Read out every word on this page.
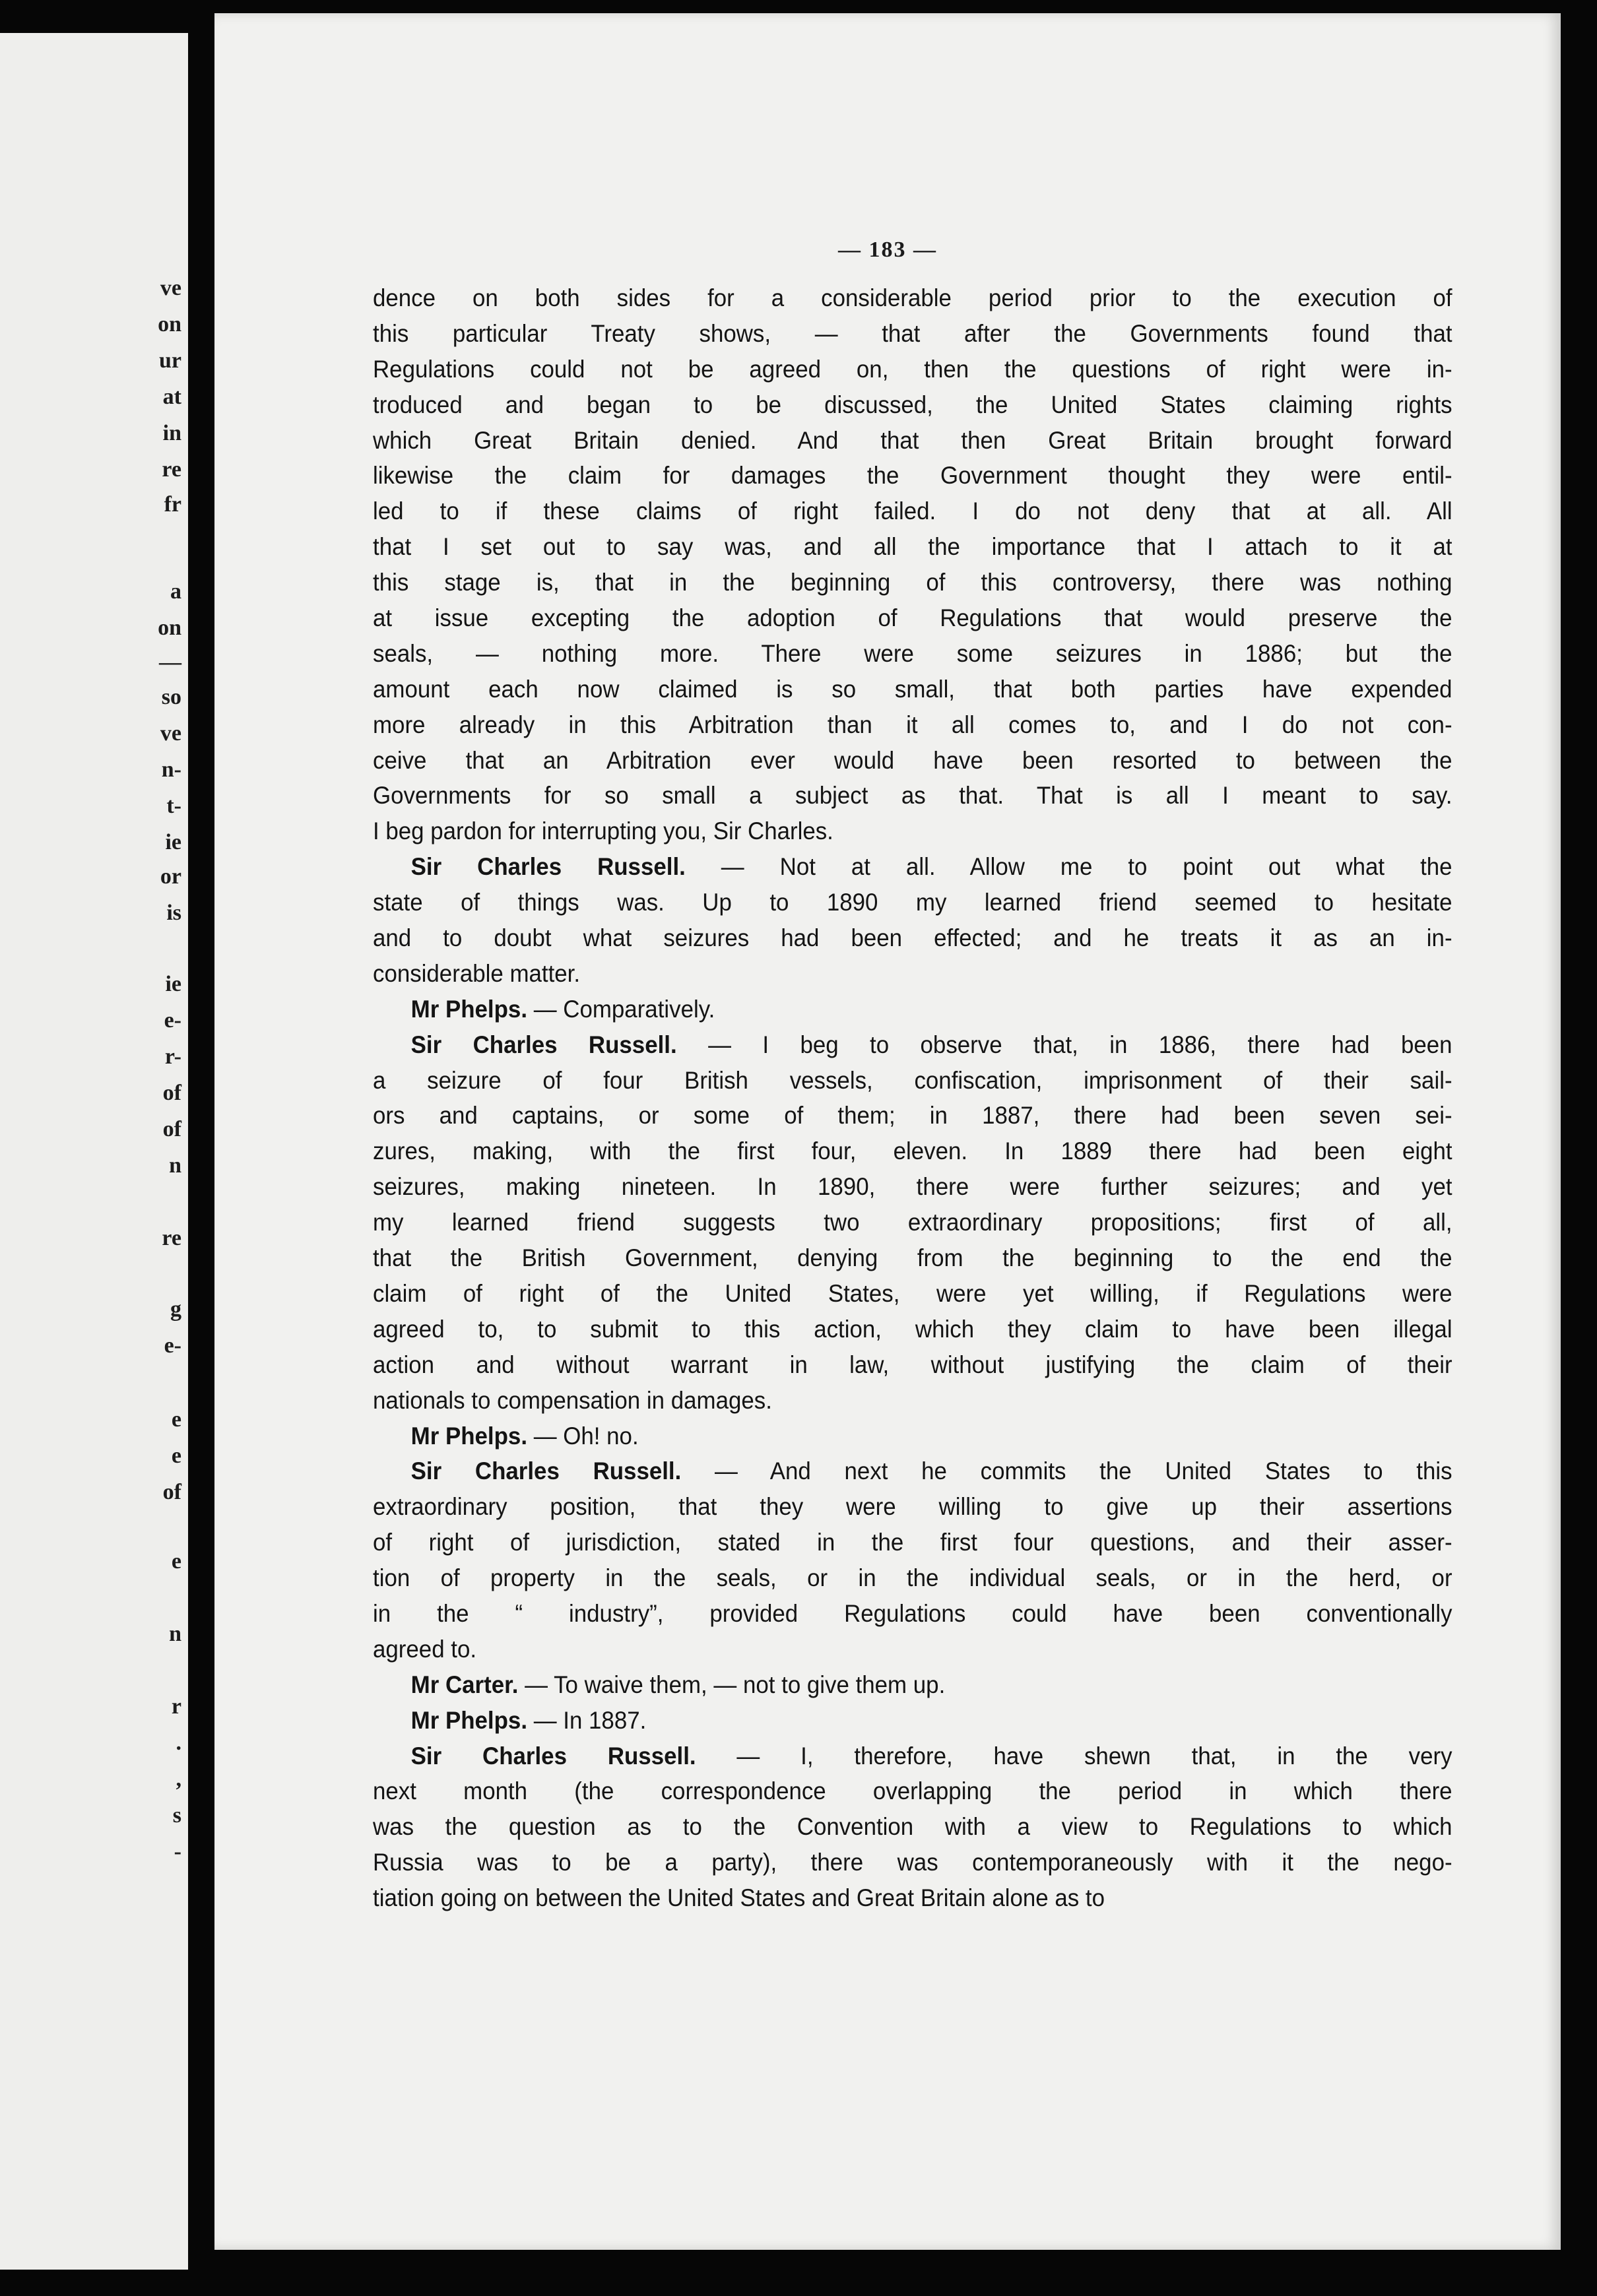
ve
on
ur
at
in
re
fr
a
on
—
so
ve
n-
t-
ie
or
is
ie
e-
r-
of
of
n
re
g
e-
e
e
of
e
n
r
.
,
s
-
— 183 —
dence on both sides for a considerable period prior to the execution of
this particular Treaty shows, — that after the Governments found that
Regulations could not be agreed on, then the questions of right were in-
troduced and began to be discussed, the United States claiming rights
which Great Britain denied. And that then Great Britain brought forward
likewise the claim for damages the Government thought they were entil-
led to if these claims of right failed. I do not deny that at all. All
that I set out to say was, and all the importance that I attach to it at
this stage is, that in the beginning of this controversy, there was nothing
at issue excepting the adoption of Regulations that would preserve the
seals, — nothing more. There were some seizures in 1886; but the
amount each now claimed is so small, that both parties have expended
more already in this Arbitration than it all comes to, and I do not con-
ceive that an Arbitration ever would have been resorted to between the
Governments for so small a subject as that. That is all I meant to say.
I beg pardon for interrupting you, Sir Charles.
Sir Charles Russell. — Not at all. Allow me to point out what the
state of things was. Up to 1890 my learned friend seemed to hesitate
and to doubt what seizures had been effected; and he treats it as an in-
considerable matter.
Mr Phelps. — Comparatively.
Sir Charles Russell. — I beg to observe that, in 1886, there had been
a seizure of four British vessels, confiscation, imprisonment of their sail-
ors and captains, or some of them; in 1887, there had been seven sei-
zures, making, with the first four, eleven. In 1889 there had been eight
seizures, making nineteen. In 1890, there were further seizures; and yet
my learned friend suggests two extraordinary propositions; first of all,
that the British Government, denying from the beginning to the end the
claim of right of the United States, were yet willing, if Regulations were
agreed to, to submit to this action, which they claim to have been illegal
action and without warrant in law, without justifying the claim of their
nationals to compensation in damages.
Mr Phelps. — Oh! no.
Sir Charles Russell. — And next he commits the United States to this
extraordinary position, that they were willing to give up their assertions
of right of jurisdiction, stated in the first four questions, and their asser-
tion of property in the seals, or in the individual seals, or in the herd, or
in the “ industry”, provided Regulations could have been conventionally
agreed to.
Mr Carter. — To waive them, — not to give them up.
Mr Phelps. — In 1887.
Sir Charles Russell. — I, therefore, have shewn that, in the very
next month (the correspondence overlapping the period in which there
was the question as to the Convention with a view to Regulations to which
Russia was to be a party), there was contemporaneously with it the nego-
tiation going on between the United States and Great Britain alone as to
